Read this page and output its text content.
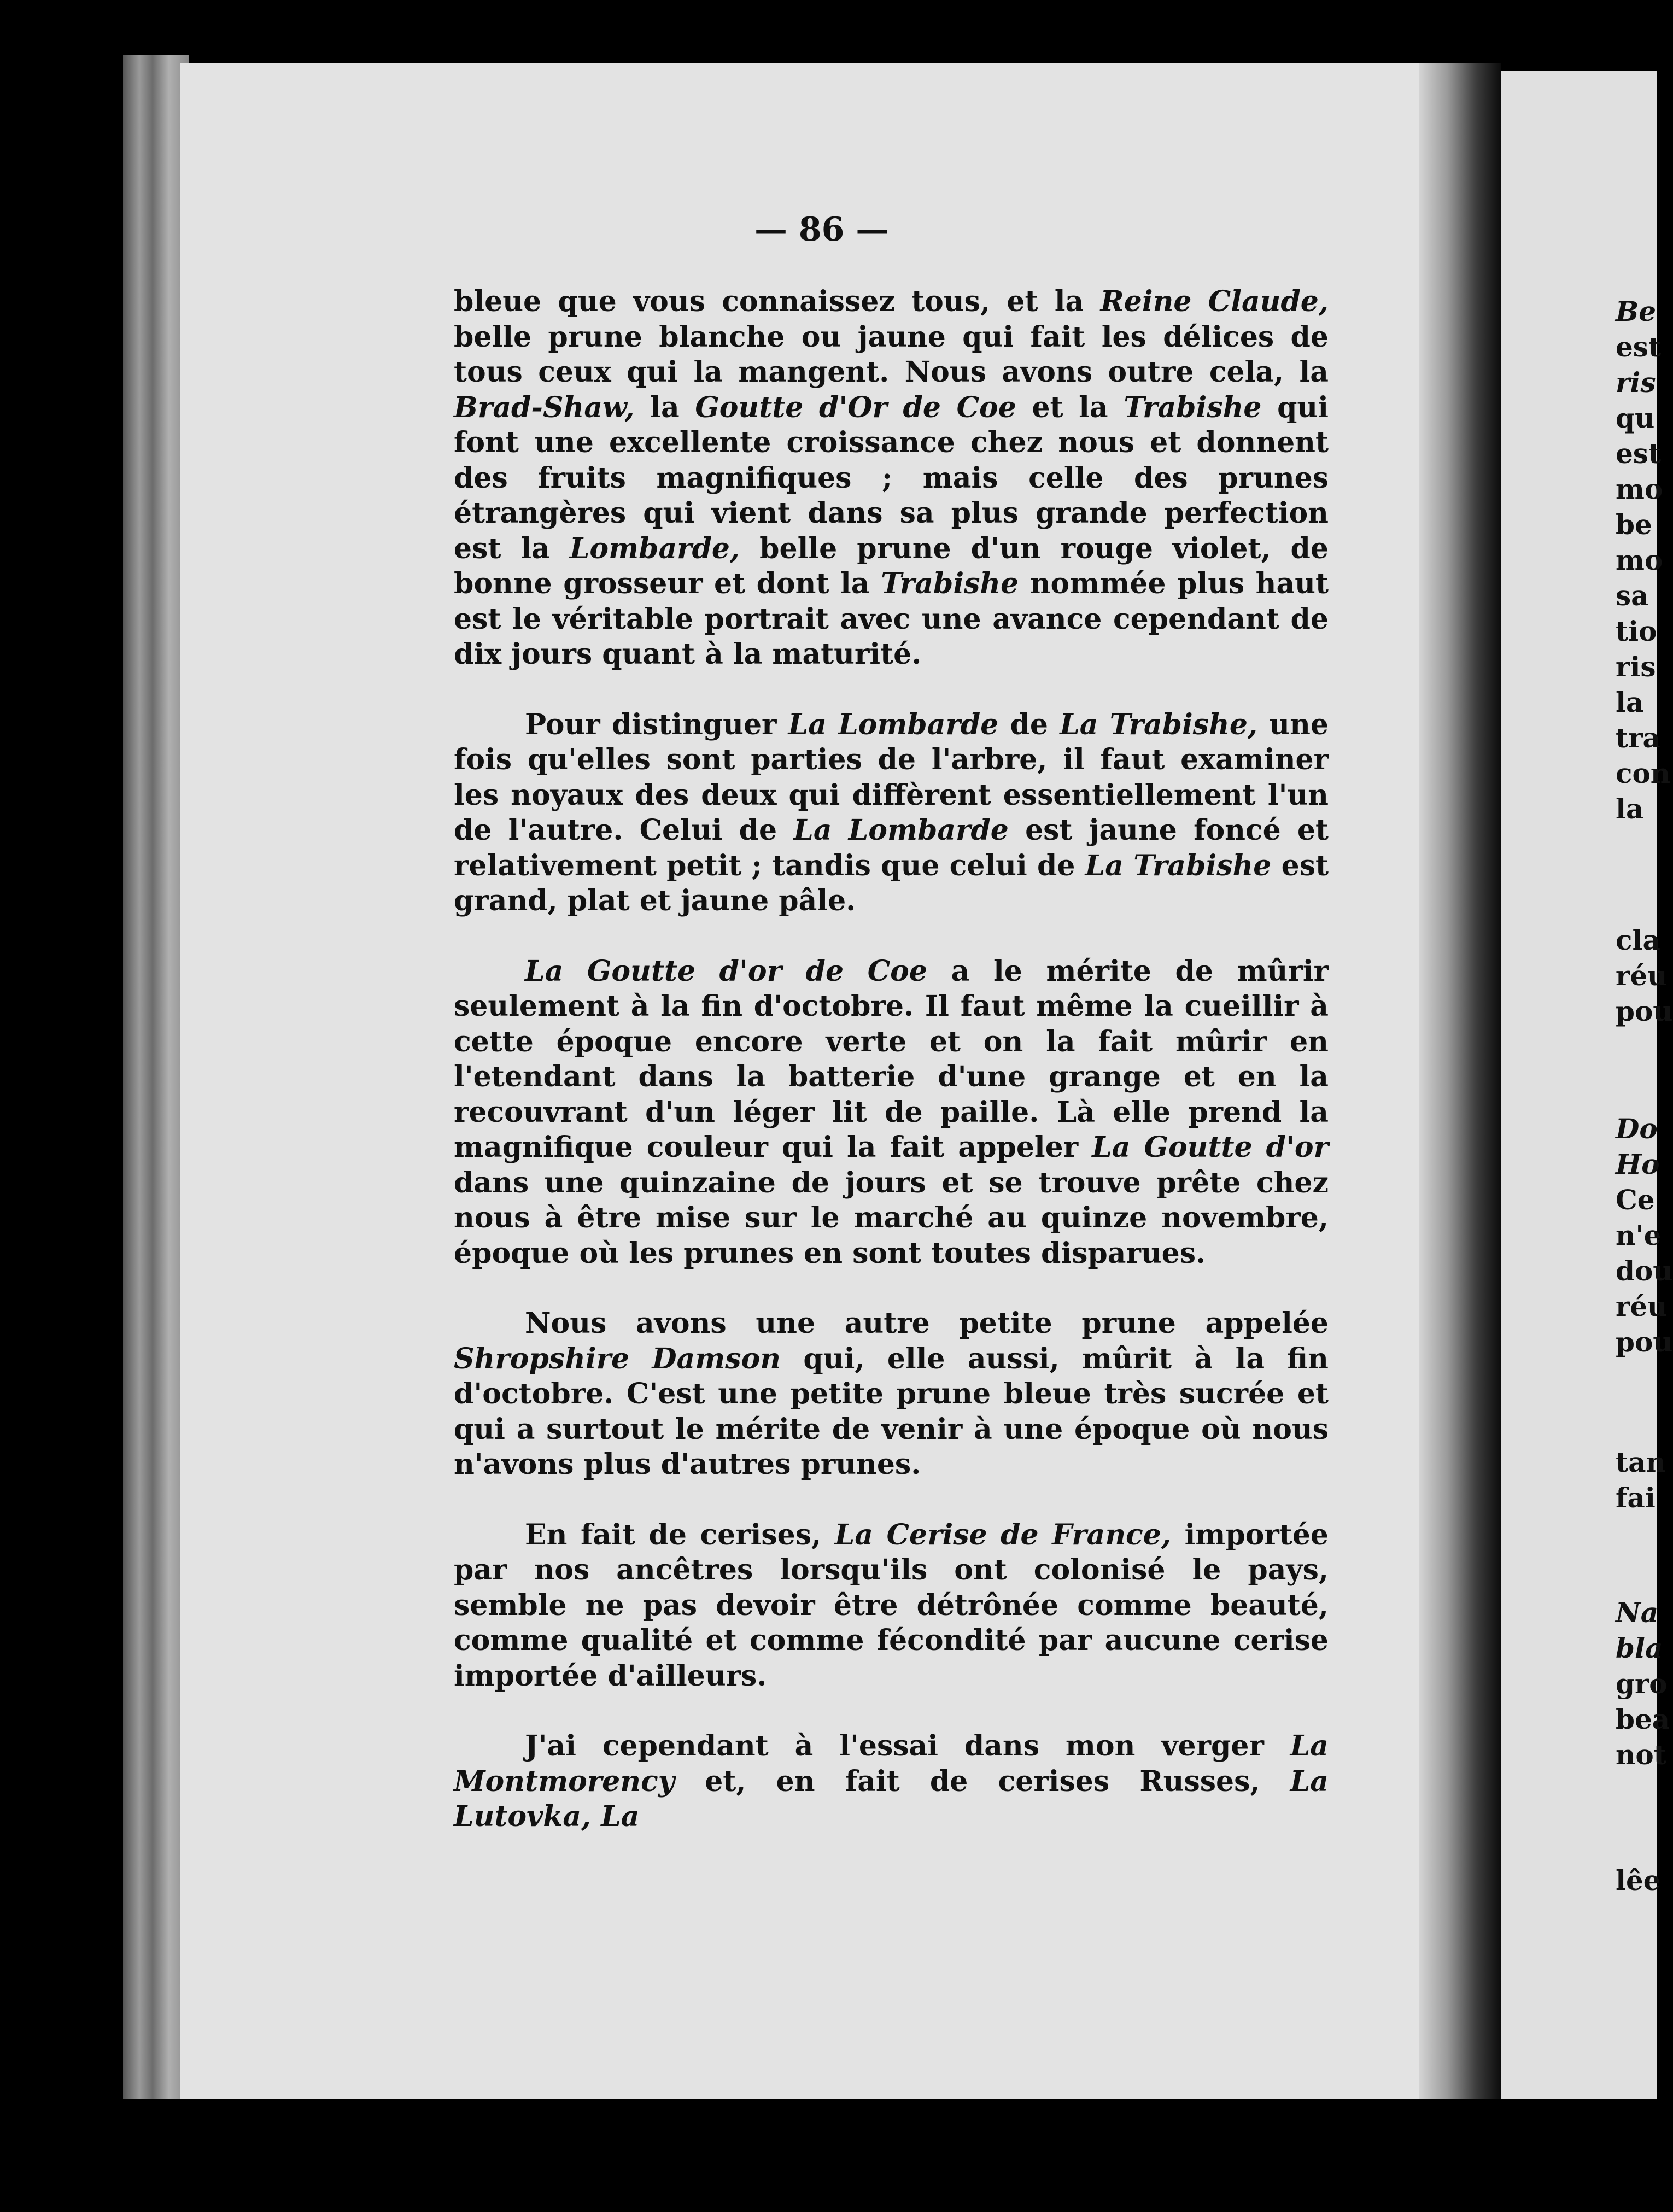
— 86 —

bleue que vous connaissez tous, et la Reine Claude, belle prune blanche ou jaune qui fait les délices de tous ceux qui la mangent. Nous avons outre cela, la Brad-Shaw, la Goutte d'Or de Coe et la Trabishe qui font une excellente croissance chez nous et donnent des fruits magnifiques ; mais celle des prunes étrangères qui vient dans sa plus grande perfection est la Lombarde, belle prune d'un rouge violet, de bonne grosseur et dont la Trabishe nommée plus haut est le véritable portrait avec une avance cependant de dix jours quant à la maturité.

Pour distinguer La Lombarde de La Trabishe, une fois qu'elles sont parties de l'arbre, il faut examiner les noyaux des deux qui diffèrent essentiellement l'un de l'autre. Celui de La Lombarde est jaune foncé et relativement petit ; tandis que celui de La Trabishe est grand, plat et jaune pâle.

La Goutte d'or de Coe a le mérite de mûrir seulement à la fin d'octobre. Il faut même la cueillir à cette époque encore verte et on la fait mûrir en l'etendant dans la batterie d'une grange et en la recouvrant d'un léger lit de paille. Là elle prend la magnifique couleur qui la fait appeler La Goutte d'or dans une quinzaine de jours et se trouve prête chez nous à être mise sur le marché au quinze novembre, époque où les prunes en sont toutes disparues.

Nous avons une autre petite prune appelée Shropshire Damson qui, elle aussi, mûrit à la fin d'octobre. C'est une petite prune bleue très sucrée et qui a surtout le mérite de venir à une époque où nous n'avons plus d'autres prunes.

En fait de cerises, La Cerise de France, importée par nos ancêtres lorsqu'ils ont colonisé le pays, semble ne pas devoir être détrônée comme beauté, comme qualité et comme fécondité par aucune cerise importée d'ailleurs.

J'ai cependant à l'essai dans mon verger La Montmorency et, en fait de cerises Russes, La Lutovka, La

Be
est
ris
qu
est
mo
be
mo
sa
tio
ris
la
tra
con
la
cla
réu
pou
Do
Ho
Ce
n'e
dou
réu
pou
tan
fai
Na
bla
gro
bea
not
lêe
